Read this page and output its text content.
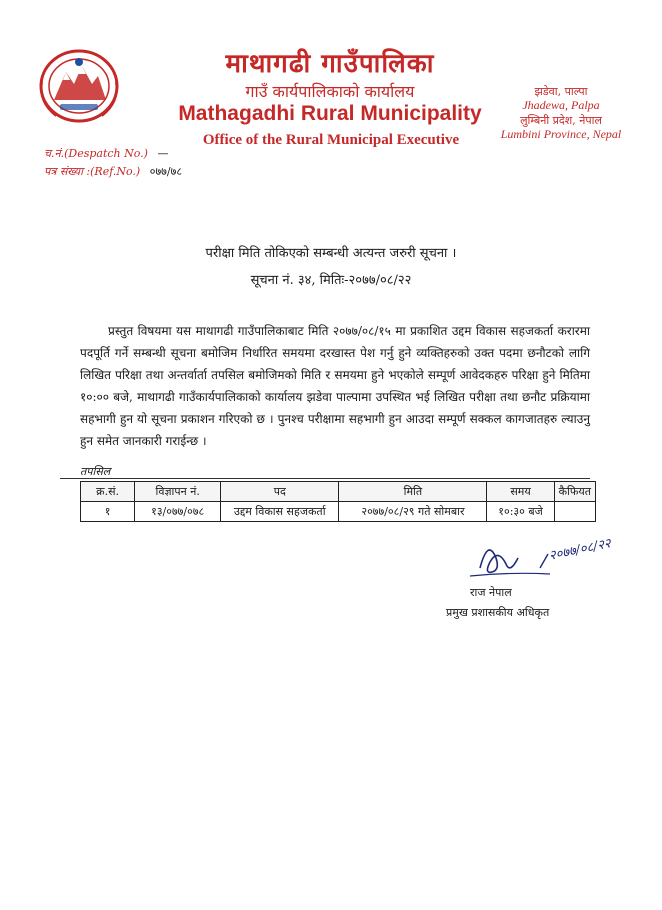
माथागढी गाउँपालिका
गाउँ कार्यपालिकाको कार्यालय
Mathagadhi Rural Municipality
Office of the Rural Municipal Executive
झडेवा, पाल्पा
Jhadewa, Palpa
लुम्बिनी प्रदेश, नेपाल
Lumbini Province, Nepal
च.नं.(Despatch No.) —
पत्र संख्या :(Ref.No.) ०७७/७८
परीक्षा मिति तोकिएको सम्बन्धी अत्यन्त जरुरी सूचना ।
सूचना नं. ३४, मितिः-२०७७/०८/२२
प्रस्तुत विषयमा यस माथागढी गाउँपालिकाबाट मिति २०७७/०८/१५ मा प्रकाशित उद्दम विकास सहजकर्ता करारमा पदपूर्ति गर्ने सम्बन्धी सूचना बमोजिम निर्धारित समयमा दरखास्त पेश गर्नु हुने व्यक्तिहरुको उक्त पदमा छनौटको लागि लिखित परिक्षा तथा अन्तर्वार्ता तपसिल बमोजिमको मिति र समयमा हुने भएकोले सम्पूर्ण आवेदकहरु परिक्षा हुने मितिमा १०:०० बजे, माथागढी गाउँकार्यपालिकाको कार्यालय झडेवा पाल्पामा उपस्थित भई लिखित परीक्षा तथा छनौट प्रक्रियामा सहभागी हुन यो सूचना प्रकाशन गरिएको छ । पुनश्च परीक्षामा सहभागी हुन आउदा सम्पूर्ण सक्कल कागजातहरु ल्याउनु हुन समेत जानकारी गराईन्छ ।
तपसिल
क्र.सं.	विज्ञापन नं.	पद	मिति	समय	कैफियत
१	१३/०७७/०७८	उद्दम विकास सहजकर्ता	२०७७/०८/२९ गते सोमबार	१०:३० बजे	
२०७७/०८/२२
राज नेपाल
प्रमुख प्रशासकीय अधिकृत
